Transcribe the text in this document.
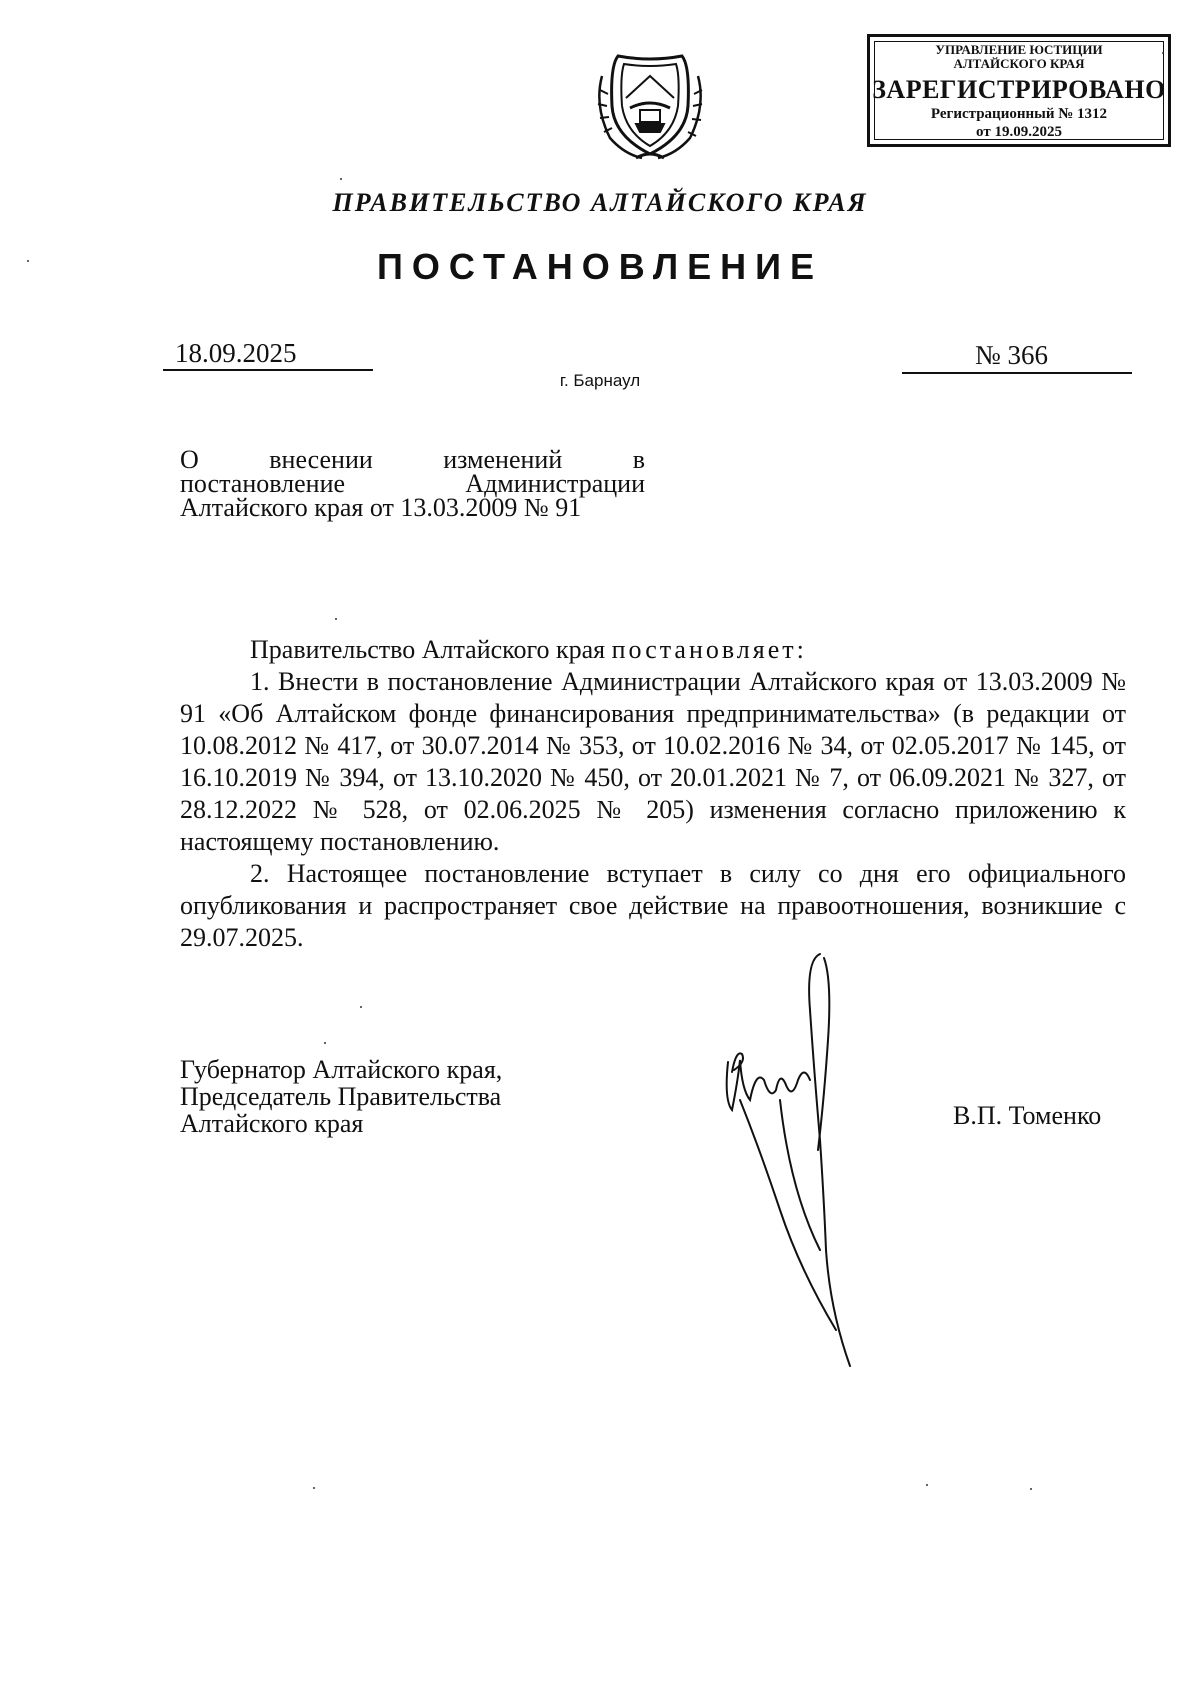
УПРАВЛЕНИЕ ЮСТИЦИИ
АЛТАЙСКОГО КРАЯ
ЗАРЕГИСТРИРОВАНО
Регистрационный № 1312
от 19.09.2025
ПРАВИТЕЛЬСТВО АЛТАЙСКОГО КРАЯ
ПОСТАНОВЛЕНИЕ
18.09.2025	№ 366
г. Барнаул
О внесении изменений в
постановление Администрации
Алтайского края от 13.03.2009 № 91

Правительство Алтайского края постановляет:

1. Внести в постановление Администрации Алтайского края от 13.03.2009 № 91 «Об Алтайском фонде финансирования предпринимательства» (в редакции от 10.08.2012 № 417, от 30.07.2014 № 353, от 10.02.2016 № 34, от 02.05.2017 № 145, от 16.10.2019 № 394, от 13.10.2020 № 450, от 20.01.2021 № 7, от 06.09.2021 № 327, от 28.12.2022 № 528, от 02.06.2025 № 205) изменения согласно приложению к настоящему постановлению.

2. Настоящее постановление вступает в силу со дня его официального опубликования и распространяет свое действие на правоотношения, возникшие с 29.07.2025.

Губернатор Алтайского края,
Председатель Правительства
Алтайского края	В.П. Томенко
